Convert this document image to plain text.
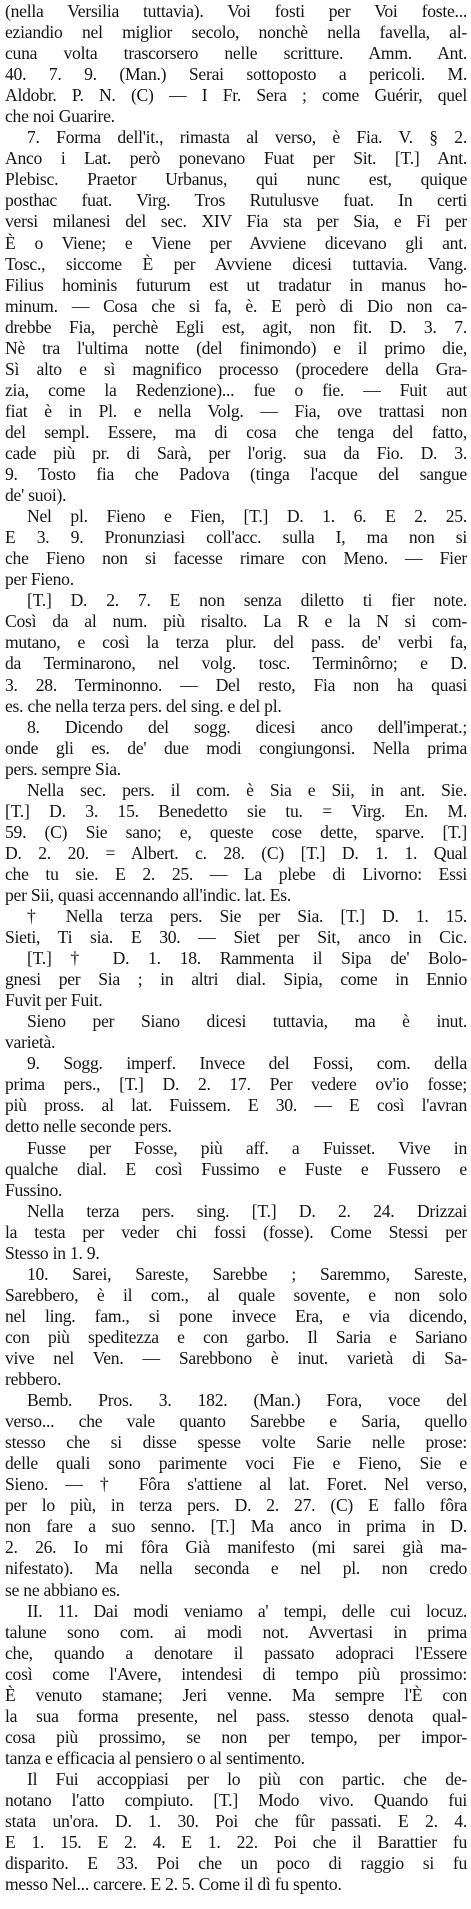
(nella Versilia tuttavia). Voi fosti per Voi foste...
eziandio nel miglior secolo, nonchè nella favella, al-
cuna volta trascorsero nelle scritture. Amm. Ant.
40. 7. 9. (Man.) Serai sottoposto a pericoli. M.
Aldobr. P. N. (C) — I Fr. Sera ; come Guérir, quel
che noi Guarire.
7. Forma dell'it., rimasta al verso, è Fia. V. § 2.
Anco i Lat. però ponevano Fuat per Sit. [T.] Ant.
Plebisc. Praetor Urbanus, qui nunc est, quique
posthac fuat. Virg. Tros Rutulusve fuat. In certi
versi milanesi del sec. XIV Fia sta per Sia, e Fi per
È o Viene; e Viene per Avviene dicevano gli ant.
Tosc., siccome È per Avviene dicesi tuttavia. Vang.
Filius hominis futurum est ut tradatur in manus ho-
minum. — Cosa che si fa, è. E però di Dio non ca-
drebbe Fia, perchè Egli est, agit, non fit. D. 3. 7.
Nè tra l'ultima notte (del finimondo) e il primo die,
Sì alto e sì magnifico processo (procedere della Gra-
zia, come la Redenzione)... fue o fie. — Fuit aut
fiat è in Pl. e nella Volg. — Fia, ove trattasi non
del sempl. Essere, ma di cosa che tenga del fatto,
cade più pr. di Sarà, per l'orig. sua da Fio. D. 3.
9. Tosto fia che Padova (tinga l'acque del sangue
de' suoi).
Nel pl. Fieno e Fien, [T.] D. 1. 6. E 2. 25.
E 3. 9. Pronunziasi coll'acc. sulla I, ma non si
che Fieno non si facesse rimare con Meno. — Fier
per Fieno.
[T.] D. 2. 7. E non senza diletto ti fier note.
Così da al num. più risalto. La R e la N si com-
mutano, e così la terza plur. del pass. de' verbi fa,
da Terminarono, nel volg. tosc. Terminôrno; e D.
3. 28. Terminonno. — Del resto, Fia non ha quasi
es. che nella terza pers. del sing. e del pl.
8. Dicendo del sogg. dicesi anco dell'imperat.;
onde gli es. de' due modi congiungonsi. Nella prima
pers. sempre Sia.
Nella sec. pers. il com. è Sia e Sii, in ant. Sie.
[T.] D. 3. 15. Benedetto sie tu. = Virg. En. M.
59. (C) Sie sano; e, queste cose dette, sparve. [T.]
D. 2. 20. = Albert. c. 28. (C) [T.] D. 1. 1. Qual
che tu sie. E 2. 25. — La plebe di Livorno: Essi
per Sii, quasi accennando all'indic. lat. Es.
† Nella terza pers. Sie per Sia. [T.] D. 1. 15.
Sieti, Ti sia. E 30. — Siet per Sit, anco in Cic.
[T.] † D. 1. 18. Rammenta il Sipa de' Bolo-
gnesi per Sia ; in altri dial. Sipia, come in Ennio
Fuvit per Fuit.
Sieno per Siano dicesi tuttavia, ma è inut.
varietà.
9. Sogg. imperf. Invece del Fossi, com. della
prima pers., [T.] D. 2. 17. Per vedere ov'io fosse;
più pross. al lat. Fuissem. E 30. — E così l'avran
detto nelle seconde pers.
Fusse per Fosse, più aff. a Fuisset. Vive in
qualche dial. E così Fussimo e Fuste e Fussero e
Fussino.
Nella terza pers. sing. [T.] D. 2. 24. Drizzai
la testa per veder chi fossi (fosse). Come Stessi per
Stesso in 1. 9.
10. Sarei, Sareste, Sarebbe ; Saremmo, Sareste,
Sarebbero, è il com., al quale sovente, e non solo
nel ling. fam., si pone invece Era, e via dicendo,
con più speditezza e con garbo. Il Saria e Sariano
vive nel Ven. — Sarebbono è inut. varietà di Sa-
rebbero.
Bemb. Pros. 3. 182. (Man.) Fora, voce del
verso... che vale quanto Sarebbe e Saria, quello
stesso che si disse spesse volte Sarie nelle prose:
delle quali sono parimente voci Fie e Fieno, Sie e
Sieno. — † Fôra s'attiene al lat. Foret. Nel verso,
per lo più, in terza pers. D. 2. 27. (C) E fallo fôra
non fare a suo senno. [T.] Ma anco in prima in D.
2. 26. Io mi fôra Già manifesto (mi sarei già ma-
nifestato). Ma nella seconda e nel pl. non credo
se ne abbiano es.
II. 11. Dai modi veniamo a' tempi, delle cui locuz.
talune sono com. ai modi not. Avvertasi in prima
che, quando a denotare il passato adopraci l'Essere
così come l'Avere, intendesi di tempo più prossimo:
È venuto stamane; Jeri venne. Ma sempre l'È con
la sua forma presente, nel pass. stesso denota qual-
cosa più prossimo, se non per tempo, per impor-
tanza e efficacia al pensiero o al sentimento.
Il Fui accoppiasi per lo più con partic. che de-
notano l'atto compiuto. [T.] Modo vivo. Quando fui
stata un'ora. D. 1. 30. Poi che fûr passati. E 2. 4.
E 1. 15. E 2. 4. E 1. 22. Poi che il Barattier fu
disparito. E 33. Poi che un poco di raggio si fu
messo Nel... carcere. E 2. 5. Come il dì fu spento.
